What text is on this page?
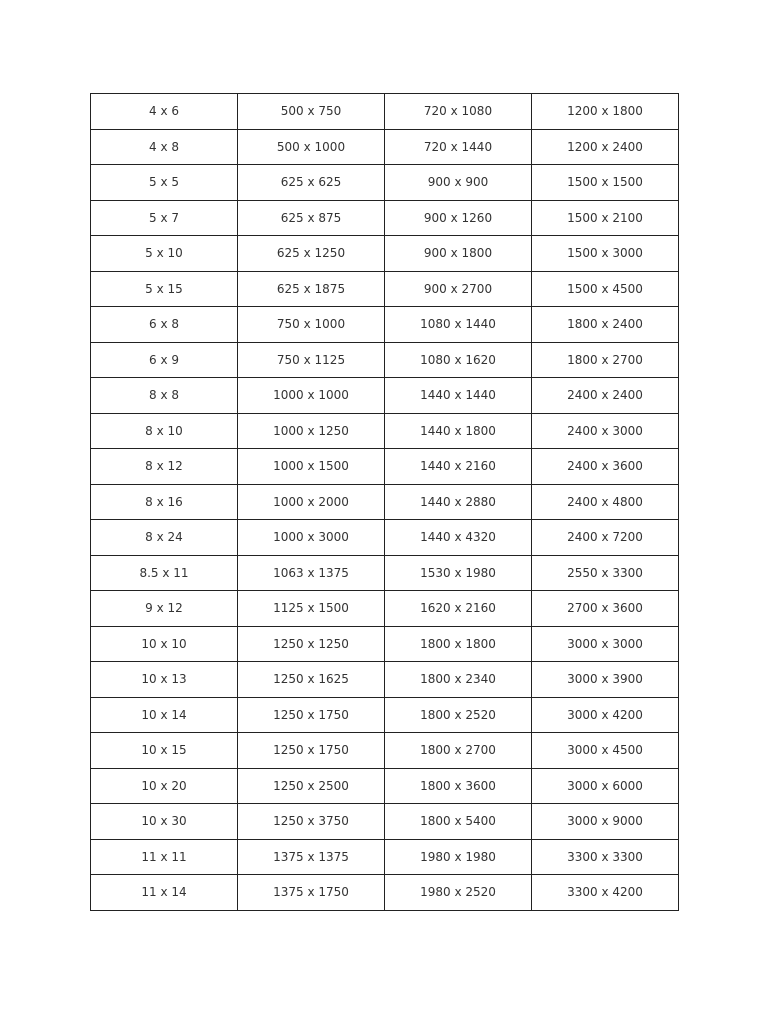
4 x 6	500 x 750	720 x 1080	1200 x 1800
4 x 8	500 x 1000	720 x 1440	1200 x 2400
5 x 5	625 x 625	900 x 900	1500 x 1500
5 x 7	625 x 875	900 x 1260	1500 x 2100
5 x 10	625 x 1250	900 x 1800	1500 x 3000
5 x 15	625 x 1875	900 x 2700	1500 x 4500
6 x 8	750 x 1000	1080 x 1440	1800 x 2400
6 x 9	750 x 1125	1080 x 1620	1800 x 2700
8 x 8	1000 x 1000	1440 x 1440	2400 x 2400
8 x 10	1000 x 1250	1440 x 1800	2400 x 3000
8 x 12	1000 x 1500	1440 x 2160	2400 x 3600
8 x 16	1000 x 2000	1440 x 2880	2400 x 4800
8 x 24	1000 x 3000	1440 x 4320	2400 x 7200
8.5 x 11	1063 x 1375	1530 x 1980	2550 x 3300
9 x 12	1125 x 1500	1620 x 2160	2700 x 3600
10 x 10	1250 x 1250	1800 x 1800	3000 x 3000
10 x 13	1250 x 1625	1800 x 2340	3000 x 3900
10 x 14	1250 x 1750	1800 x 2520	3000 x 4200
10 x 15	1250 x 1750	1800 x 2700	3000 x 4500
10 x 20	1250 x 2500	1800 x 3600	3000 x 6000
10 x 30	1250 x 3750	1800 x 5400	3000 x 9000
11 x 11	1375 x 1375	1980 x 1980	3300 x 3300
11 x 14	1375 x 1750	1980 x 2520	3300 x 4200
